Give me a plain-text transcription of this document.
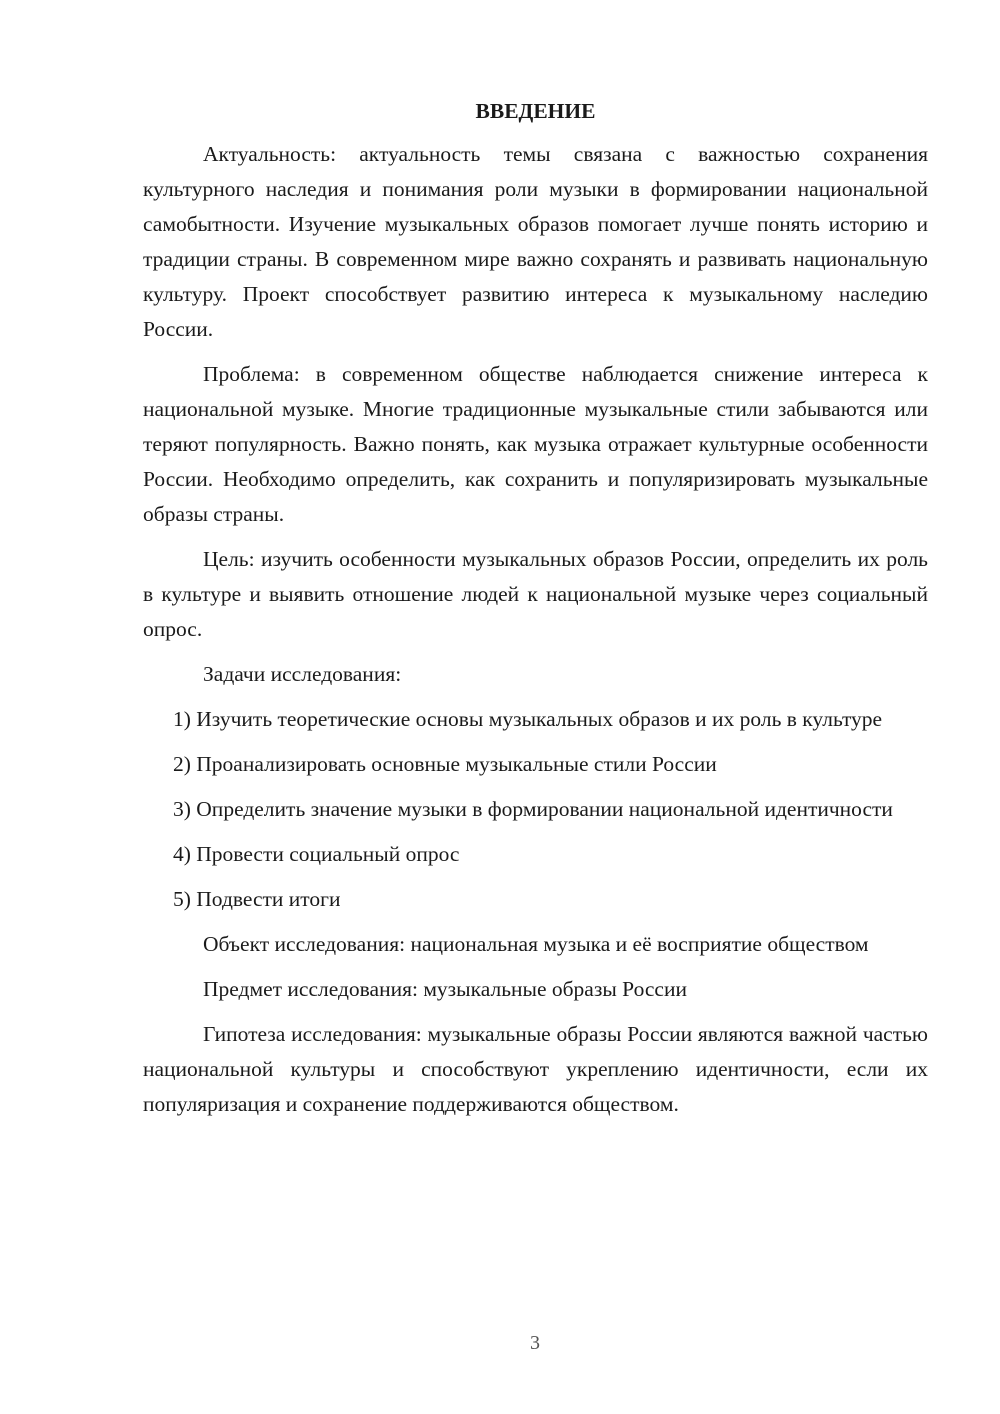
ВВЕДЕНИЕ

Актуальность: актуальность темы связана с важностью сохранения культурного наследия и понимания роли музыки в формировании национальной самобытности. Изучение музыкальных образов помогает лучше понять историю и традиции страны. В современном мире важно сохранять и развивать национальную культуру. Проект способствует развитию интереса к музыкальному наследию России.

Проблема: в современном обществе наблюдается снижение интереса к национальной музыке. Многие традиционные музыкальные стили забываются или теряют популярность. Важно понять, как музыка отражает культурные особенности России. Необходимо определить, как сохранить и популяризировать музыкальные образы страны.

Цель: изучить особенности музыкальных образов России, определить их роль в культуре и выявить отношение людей к национальной музыке через социальный опрос.

Задачи исследования:

1) Изучить теоретические основы музыкальных образов и их роль в культуре

2) Проанализировать основные музыкальные стили России

3) Определить значение музыки в формировании национальной идентичности

4) Провести социальный опрос

5) Подвести итоги

Объект исследования: национальная музыка и её восприятие обществом

Предмет исследования: музыкальные образы России

Гипотеза исследования: музыкальные образы России являются важной частью национальной культуры и способствуют укреплению идентичности, если их популяризация и сохранение поддерживаются обществом.

3
